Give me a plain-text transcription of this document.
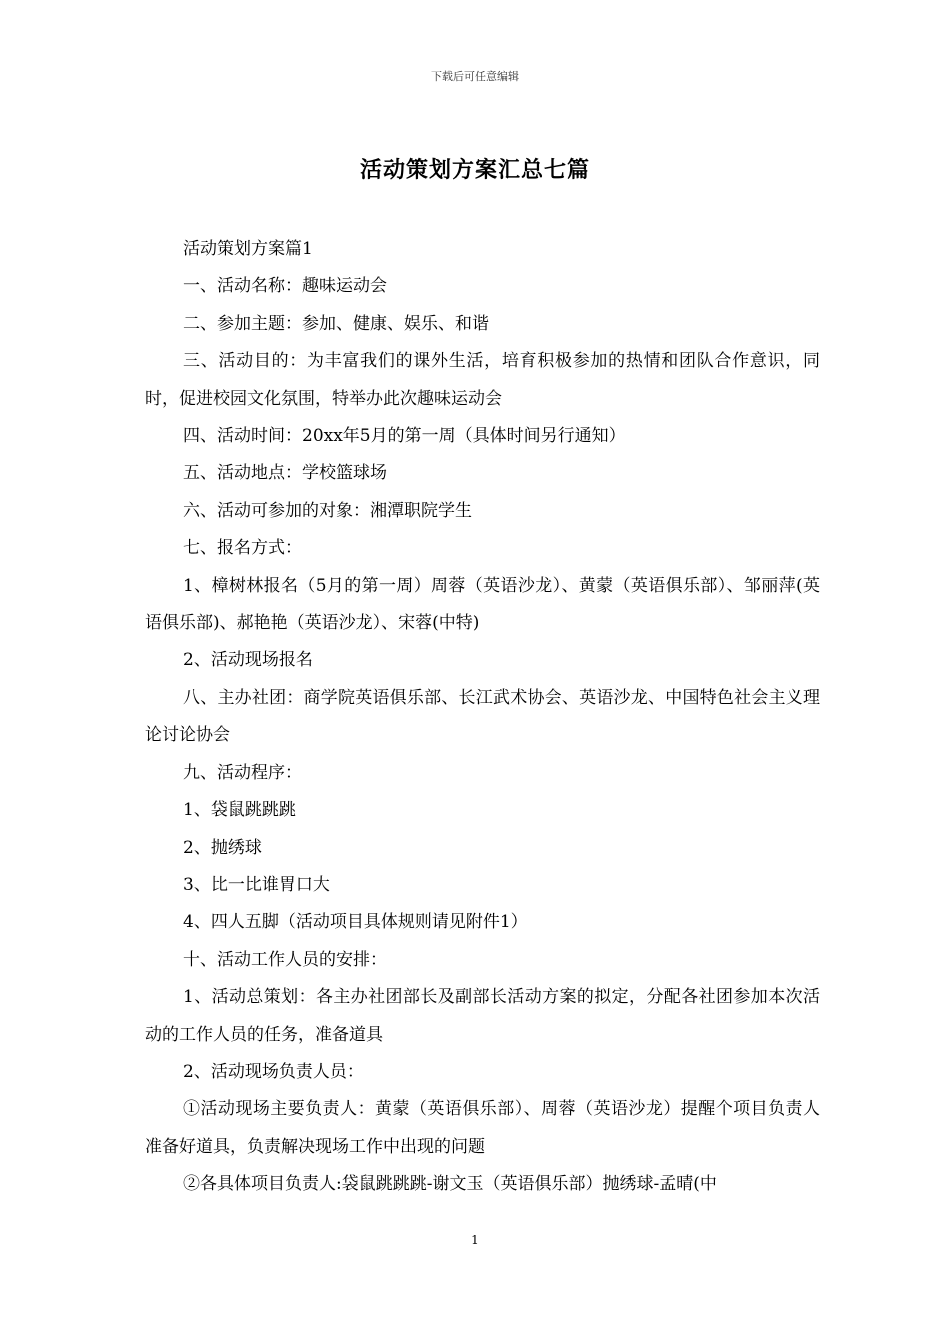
下载后可任意编辑
活动策划方案汇总七篇

活动策划方案篇1

一、活动名称：趣味运动会

二、参加主题：参加、健康、娱乐、和谐

三、活动目的：为丰富我们的课外生活，培育积极参加的热情和团队合作意识，同时，促进校园文化氛围，特举办此次趣味运动会

四、活动时间：20xx年5月的第一周（具体时间另行通知）

五、活动地点：学校篮球场

六、活动可参加的对象：湘潭职院学生

七、报名方式：

1、樟树林报名（5月的第一周）周蓉（英语沙龙）、黄蒙（英语俱乐部）、邹丽萍(英语俱乐部)、郝艳艳（英语沙龙）、宋蓉(中特)

2、活动现场报名

八、主办社团：商学院英语俱乐部、长江武术协会、英语沙龙、中国特色社会主义理论讨论协会

九、活动程序：

1、袋鼠跳跳跳

2、抛绣球

3、比一比谁胃口大

4、四人五脚（活动项目具体规则请见附件1）

十、活动工作人员的安排：

1、活动总策划：各主办社团部长及副部长活动方案的拟定，分配各社团参加本次活动的工作人员的任务，准备道具

2、活动现场负责人员：

①活动现场主要负责人：黄蒙（英语俱乐部）、周蓉（英语沙龙）提醒个项目负责人准备好道具，负责解决现场工作中出现的问题

②各具体项目负责人:袋鼠跳跳跳-谢文玉（英语俱乐部）抛绣球-孟晴(中

1
